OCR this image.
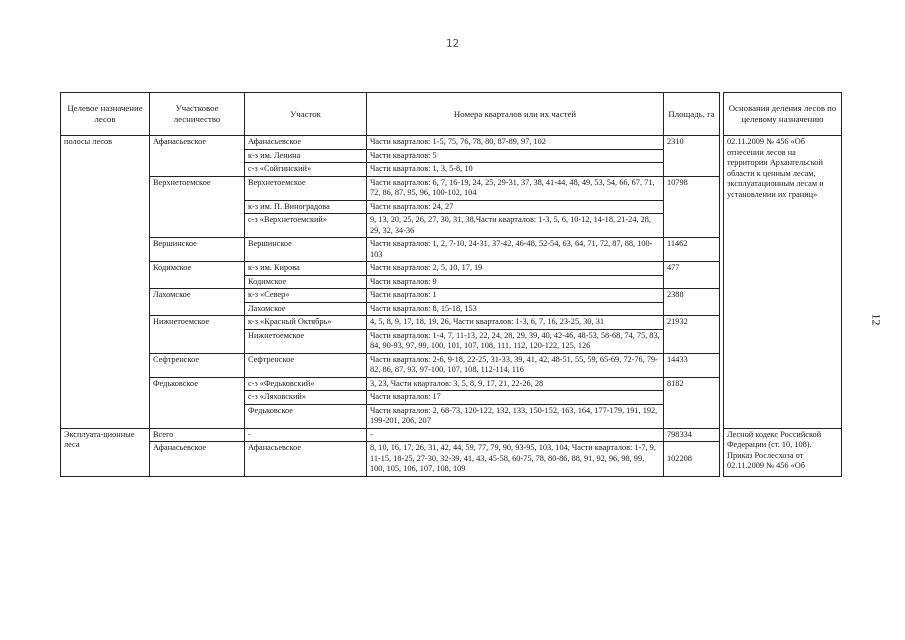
12
12
Целевое назначение лесов	Участковое лесничество	Участок	Номера кварталов или их частей	Площадь, га		Основания деления лесов по целевому назначению
полосы лесов	Афанасьевское	Афанасьевское	Части кварталов: 1-5, 75, 76, 78, 80, 87-89, 97, 102	2310		02.11.2009 № 456 «Об отнесении лесов на территории Архангельской области к ценным лесам, эксплуатационным лесам и установлении их границ»
		к-з им. Ленина	Части кварталов: 5			
		с-з «Сойгинский»	Части кварталов: 1, 3, 5-8, 10			
	Верхнетоемское	Верхнетоемское	Части кварталов: 6, 7, 16-19, 24, 25, 29-31, 37, 38, 41-44, 48, 49, 53, 54, 66, 67, 71, 72, 86, 87, 95, 96, 100-102, 104	10798		
		к-з им. П. Виноградова	Части кварталов: 24, 27			
		с-з «Верхнетоемский»	9, 13, 20, 25, 26, 27, 30, 31, 38,Части кварталов: 1-3, 5, 6, 10-12, 14-18, 21-24, 28, 29, 32, 34-36			
	Вершинское	Вершинское	Части кварталов: 1, 2, 7-10, 24-31, 37-42, 46-48, 52-54, 63, 64, 71, 72, 87, 88, 100-103	11462		
	Кодимское	к-з им. Кирова	Части кварталов: 2, 5, 10, 17, 19	477		
		Кодимское	Части кварталов: 9			
	Лахомское	к-з «Север»	Части кварталов: 1	2388		
		Лахомское	Части кварталов: 8, 15-18, 153			
	Нижнетоемское	к-з «Красный Октябрь»	4, 5, 8, 9, 17, 18, 19, 26, Части кварталов: 1-3, 6, 7, 16, 23-25, 30, 31	21932		
		Нижнетоемское	Части кварталов: 1-4, 7, 11-13, 22, 24, 28, 29, 39, 40, 42-46, 48-53, 58-68, 74, 75, 83, 84, 90-93, 97, 99, 100, 101, 107, 108, 111, 112, 120-122, 125, 126			
	Сефтренское	Сефтренское	Части кварталов: 2-6, 9-18, 22-25, 31-33, 39, 41, 42, 48-51, 55, 59, 65-69, 72-76, 79-82, 86, 87, 93, 97-100, 107, 108, 112-114, 116	14433		
	Федьковское	с-з «Федьковский»	3, 23, Части кварталов: 3, 5, 8, 9, 17, 21, 22-26, 28	8182		
		с-з «Ляховский»	Части кварталов: 17			
		Федьковское	Части кварталов: 2, 68-73, 120-122, 132, 133, 150-152, 163, 164, 177-179, 191, 192, 199-201, 206, 207			
Эксплуата-ционные леса	Всего	-	-	798334		Лесной кодекс Российской Федерации (ст. 10, 108). Приказ Рослесхоза от 02.11.2009 № 456 «Об
	Афанасьевское	Афанасьевское	8, 10, 16, 17, 26, 31, 42, 44, 59, 77, 79, 90, 93-95, 103, 104, Части кварталов: 1-7, 9, 11-15, 18-25, 27-30, 32-39, 41, 43, 45-58, 60-75, 78, 80-86, 88, 91, 92, 96, 98, 99, 100, 105, 106, 107, 108, 109	102208		
